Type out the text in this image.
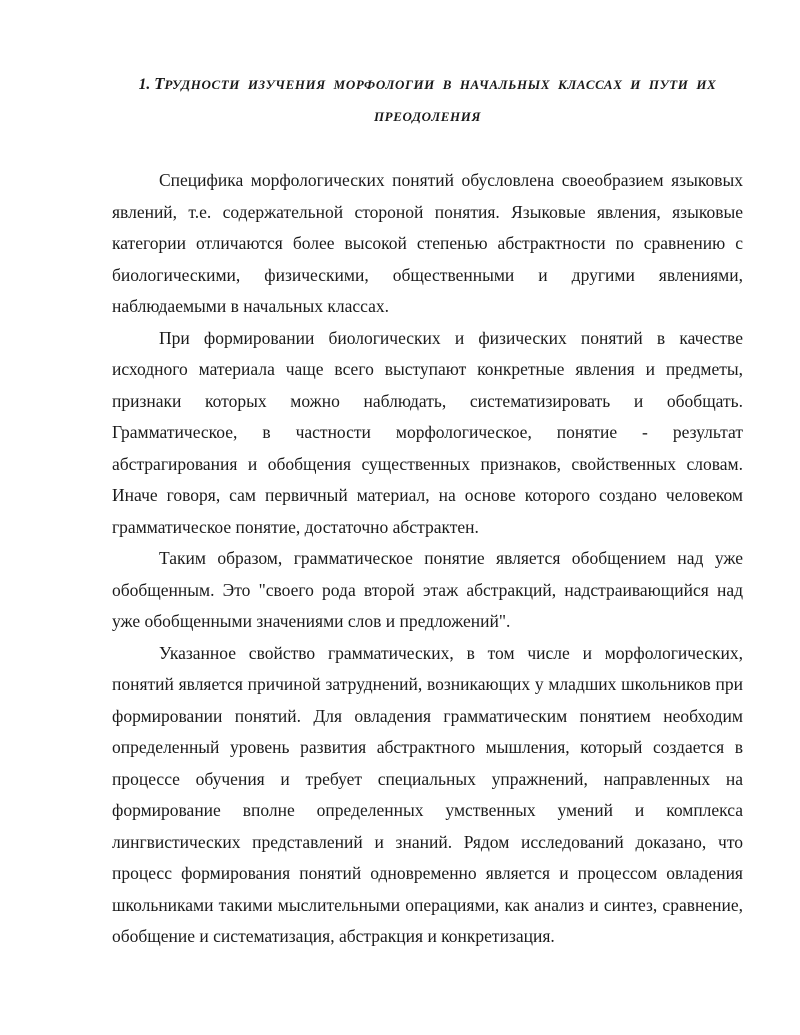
1. ТРУДНОСТИ ИЗУЧЕНИЯ МОРФОЛОГИИ В НАЧАЛЬНЫХ КЛАССАХ И ПУТИ ИХ
ПРЕОДОЛЕНИЯ

Специфика морфологических понятий обусловлена своеобразием языковых явлений, т.е. содержательной стороной понятия. Языковые явления, языковые категории отличаются более высокой степенью абстрактности по сравнению с биологическими, физическими, общественными и другими явлениями, наблюдаемыми в начальных классах.

При формировании биологических и физических понятий в качестве исходного материала чаще всего выступают конкретные явления и предметы, признаки которых можно наблюдать, систематизировать и обобщать. Грамматическое, в частности морфологическое, понятие - результат абстрагирования и обобщения существенных признаков, свойственных словам. Иначе говоря, сам первичный материал, на основе которого создано человеком грамматическое понятие, достаточно абстрактен.

Таким образом, грамматическое понятие является обобщением над уже обобщенным. Это "своего рода второй этаж абстракций, надстраивающийся над уже обобщенными значениями слов и предложений".

Указанное свойство грамматических, в том числе и морфологических, понятий является причиной затруднений, возникающих у младших школьников при формировании понятий. Для овладения грамматическим понятием необходим определенный уровень развития абстрактного мышления, который создается в процессе обучения и требует специальных упражнений, направленных на формирование вполне определенных умственных умений и комплекса лингвистических представлений и знаний. Рядом исследований доказано, что процесс формирования понятий одновременно является и процессом овладения школьниками такими мыслительными операциями, как анализ и синтез, сравнение, обобщение и систематизация, абстракция и конкретизация.
